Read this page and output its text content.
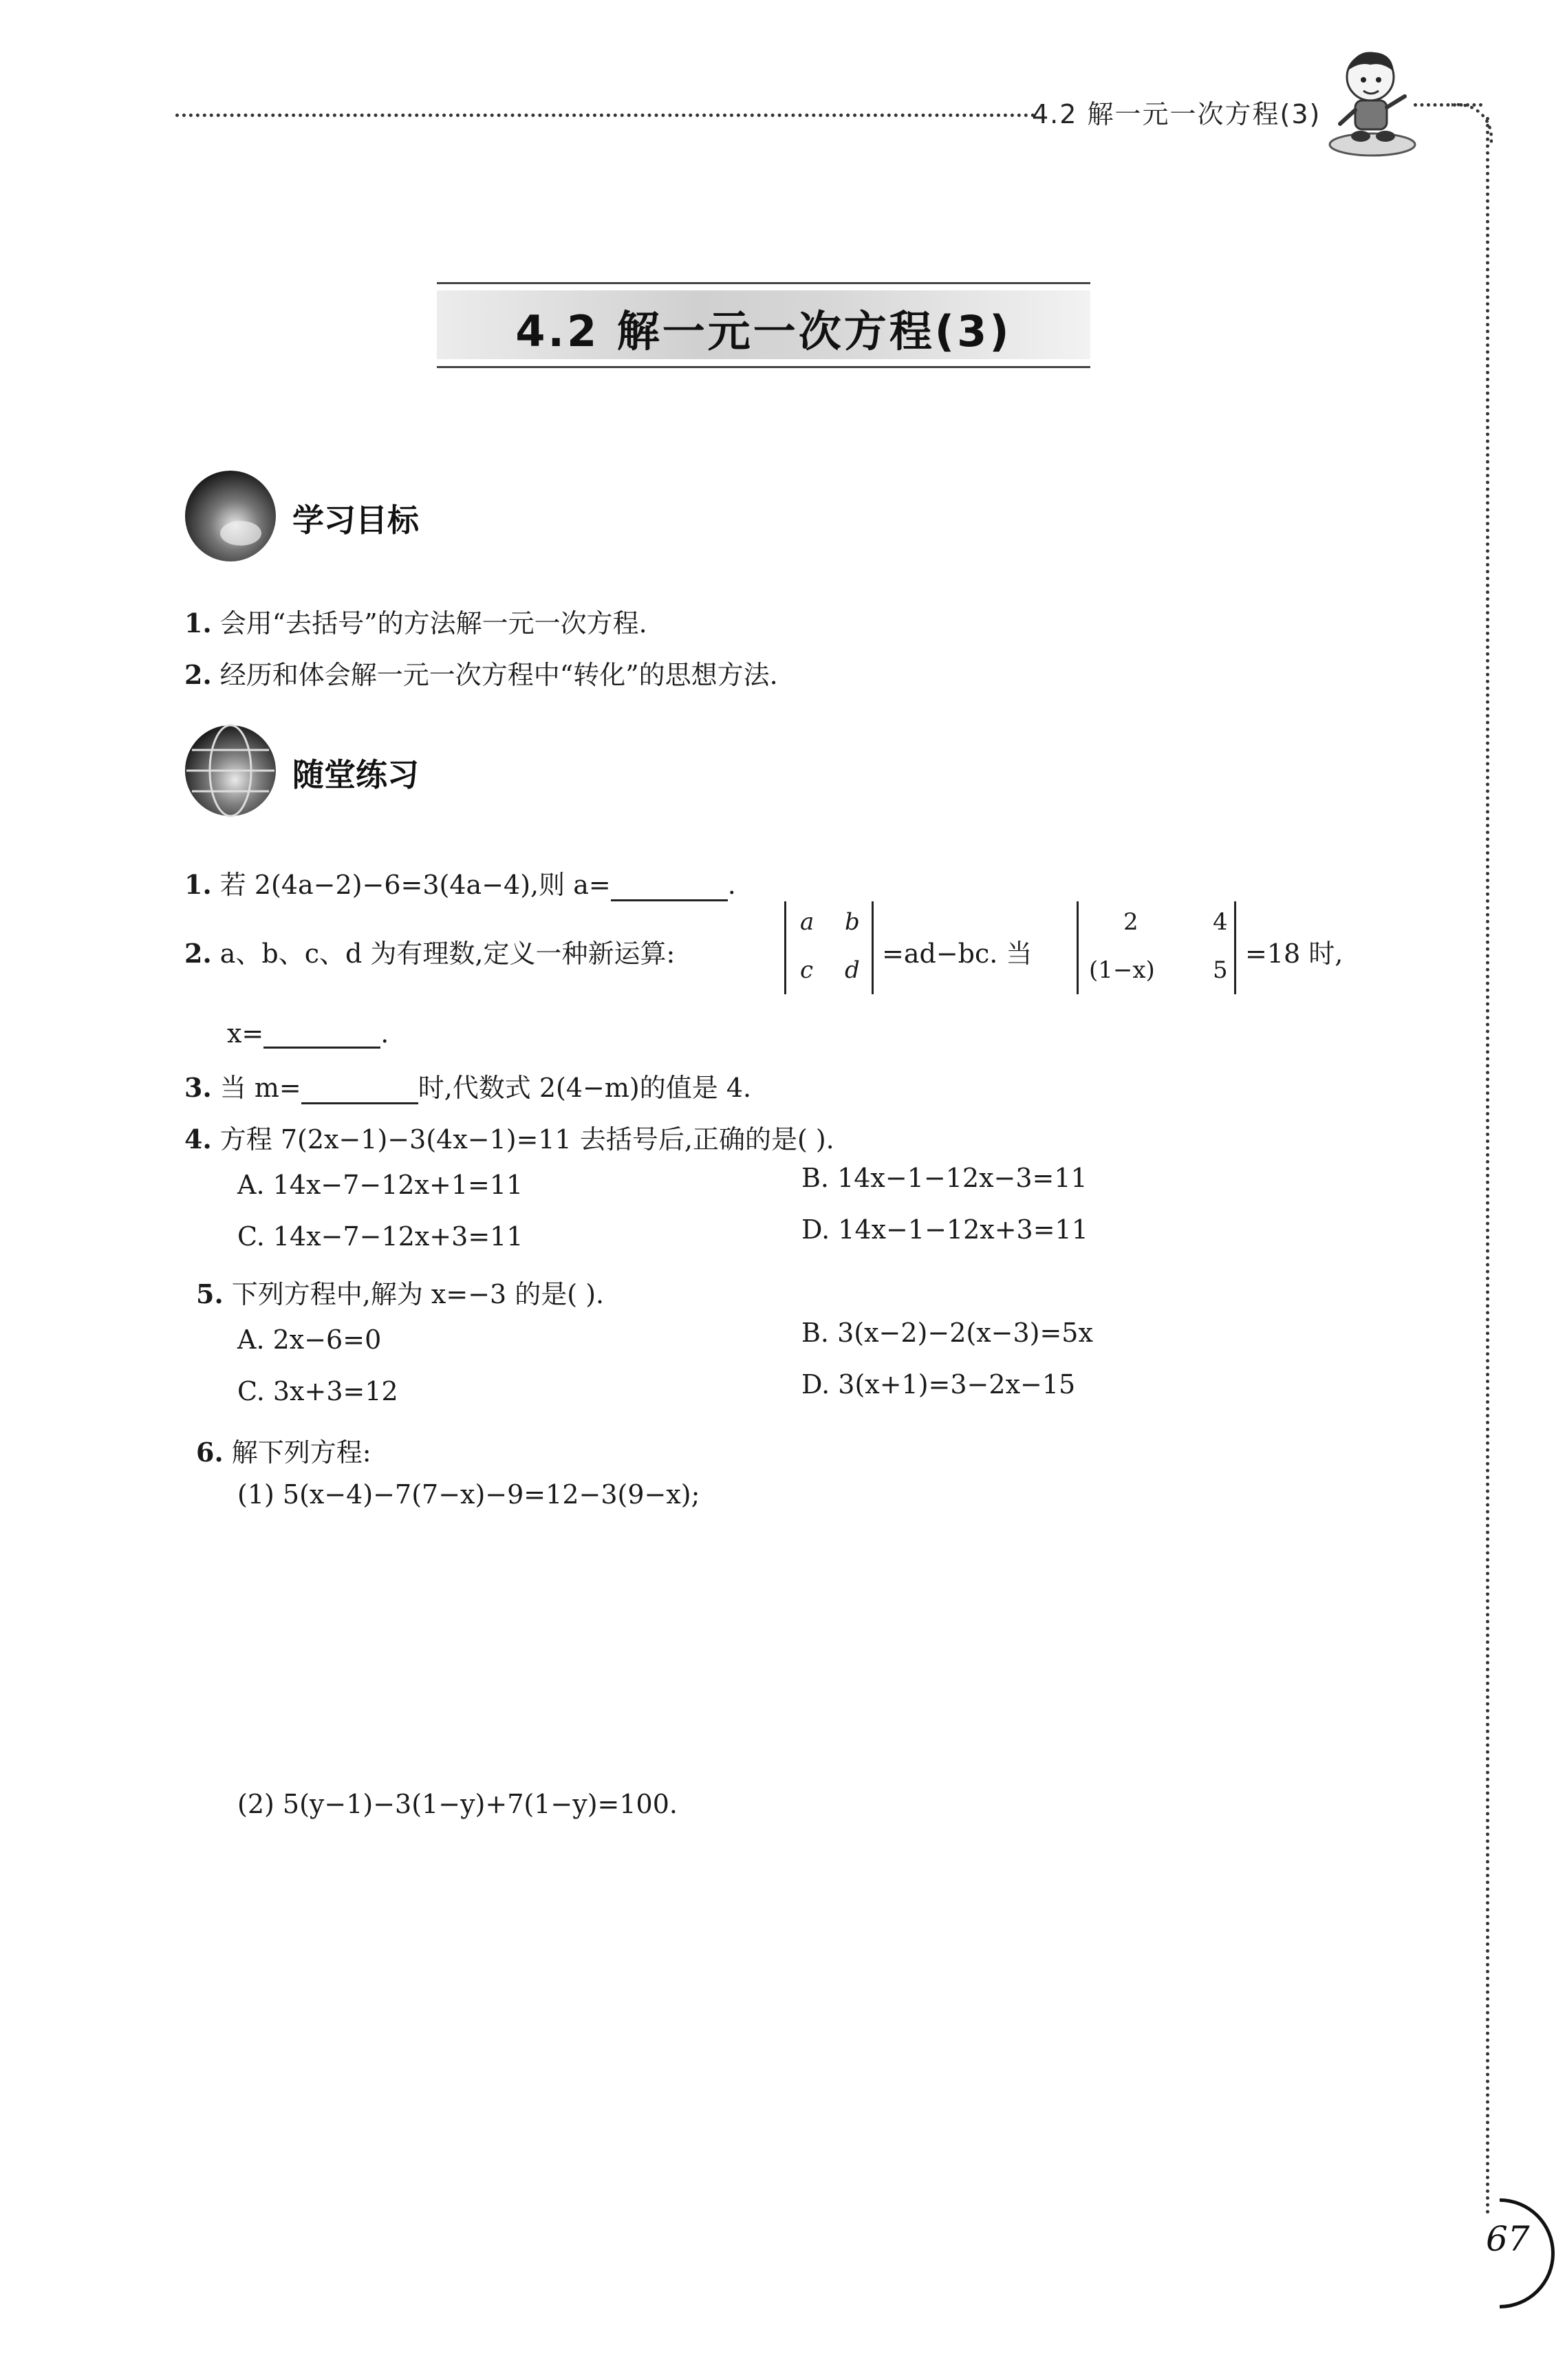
4.2 解一元一次方程(3)
4.2 解一元一次方程(3)
学习目标
1. 会用“去括号”的方法解一元一次方程.
2. 经历和体会解一元一次方程中“转化”的思想方法.
随堂练习
1. 若 2(4a−2)−6=3(4a−4),则 a=	.
2. a、b、c、d 为有理数,定义一种新运算:
a b
c d
=ad−bc. 当
2	4
(1−x) 5
=18 时,
x=	.
3. 当 m=	时,代数式 2(4−m)的值是 4.
4. 方程 7(2x−1)−3(4x−1)=11 去括号后,正确的是( ).
A. 14x−7−12x+1=11	B. 14x−1−12x−3=11
C. 14x−7−12x+3=11	D. 14x−1−12x+3=11
5. 下列方程中,解为 x=−3 的是( ).
A. 2x−6=0	B. 3(x−2)−2(x−3)=5x
C. 3x+3=12	D. 3(x+1)=3−2x−15
6. 解下列方程:
(1) 5(x−4)−7(7−x)−9=12−3(9−x);
(2) 5(y−1)−3(1−y)+7(1−y)=100.
67
